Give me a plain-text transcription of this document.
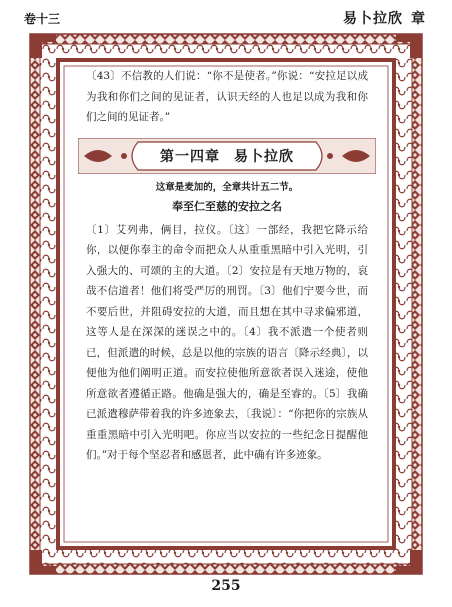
卷十三	易卜拉欣 章

〔43〕不信教的人们说：“你不是使者。”你说：“安拉足以成为我和你们之间的见证者，认识天经的人也足以成为我和你们之间的见证者。”

第一四章 易卜拉欣
这章是麦加的，全章共计五二节。
奉至仁至慈的安拉之名

〔1〕艾列弗，俩目，拉仪。〔这〕一部经，我把它降示给你，以便你奉主的命令而把众人从重重黑暗中引入光明，引入强大的、可颂的主的大道。〔2〕安拉是有天地万物的，哀哉不信道者！他们将受严厉的刑罚。〔3〕他们宁要今世，而不要后世，并阻碍安拉的大道，而且想在其中寻求偏邪道，这等人是在深深的迷误之中的。〔4〕我不派遣一个使者则已，但派遣的时候，总是以他的宗族的语言〔降示经典〕，以便他为他们阐明正道。而安拉使他所意欲者误入迷途，使他所意欲者遵循正路。他确是强大的，确是至睿的。〔5〕我确已派遣穆萨带着我的许多迹象去，〔我说〕：“你把你的宗族从重重黑暗中引入光明吧。你应当以安拉的一些纪念日提醒他们。”对于每个坚忍者和感恩者，此中确有许多迹象。

255
